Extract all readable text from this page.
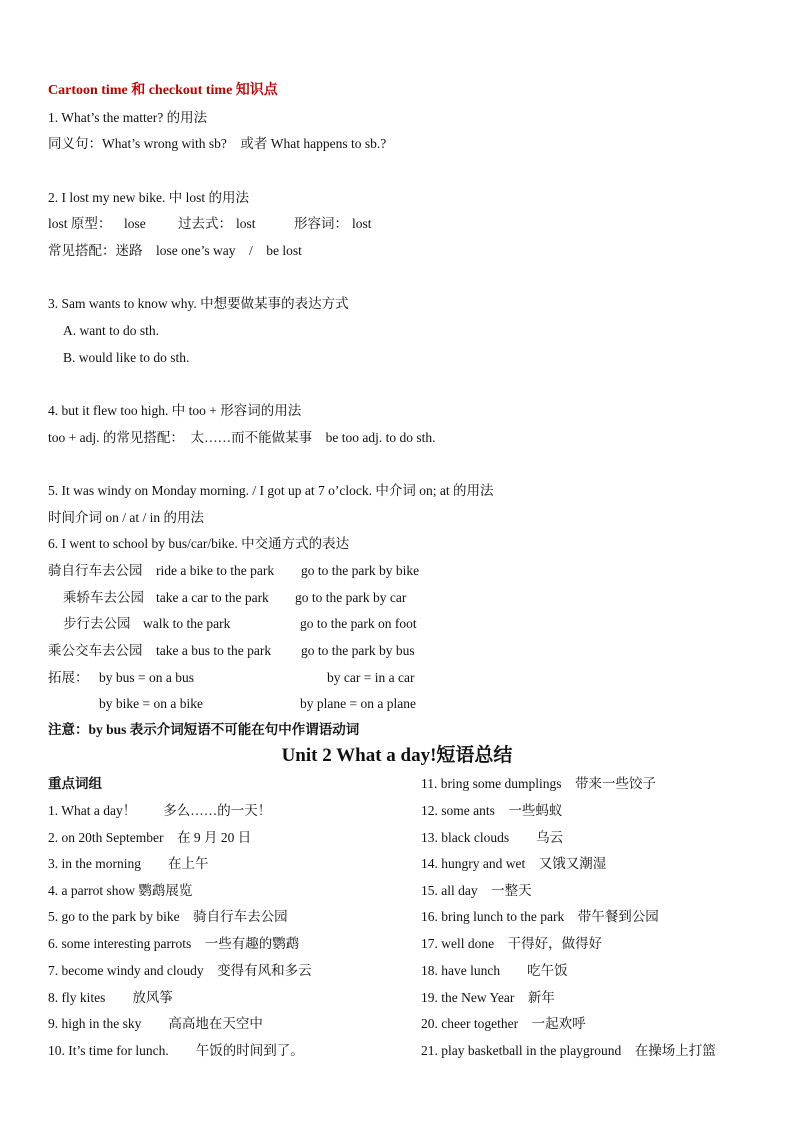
Cartoon time 和 checkout time 知识点
1. What’s the matter? 的用法
同义句：What’s wrong with sb?　或者 What happens to sb.?
2. I lost my new bike. 中 lost 的用法
lost 原型： lose 过去式： lost	形容词： lost
常见搭配：迷路　lose one’s way　/　be lost
3. Sam wants to know why. 中想要做某事的表达方式
A. want to do sth.
B. would like to do sth.
4. but it flew too high. 中 too + 形容词的用法
too + adj. 的常见搭配：　太……而不能做某事　be too adj. to do sth.
5. It was windy on Monday morning. / I got up at 7 o’clock. 中介词 on; at 的用法
时间介词 on / at / in 的用法
6. I went to school by bus/car/bike. 中交通方式的表达
骑自行车去公园 ride a bike to the park go to the park by bike
乘轿车去公园 take a car to the park go to the park by car
步行去公园 walk to the park	go to the park on foot
乘公交车去公园 take a bus to the park go to the park by bus
拓展： by bus = on a bus	by car = in a car
by bike = on a bike	by plane = on a plane
注意：by bus 表示介词短语不可能在句中作谓语动词
Unit 2 What a day!短语总结
重点词组
1. What a day！　　多么……的一天！
2. on 20th September　在 9 月 20 日
3. in the morning　　在上午
4. a parrot show 鹦鹉展览
5. go to the park by bike　骑自行车去公园
6. some interesting parrots　一些有趣的鹦鹉
7. become windy and cloudy　变得有风和多云
8. fly kites　　放风筝
9. high in the sky　　高高地在天空中
10. It’s time for lunch.　　午饭的时间到了。
11. bring some dumplings　带来一些饺子
12. some ants　一些蚂蚁
13. black clouds　　乌云
14. hungry and wet　又饿又潮湿
15. all day　一整天
16. bring lunch to the park　带午餐到公园
17. well done　干得好，做得好
18. have lunch　　吃午饭
19. the New Year　新年
20. cheer together　一起欢呼
21. play basketball in the playground　在操场上打篮
